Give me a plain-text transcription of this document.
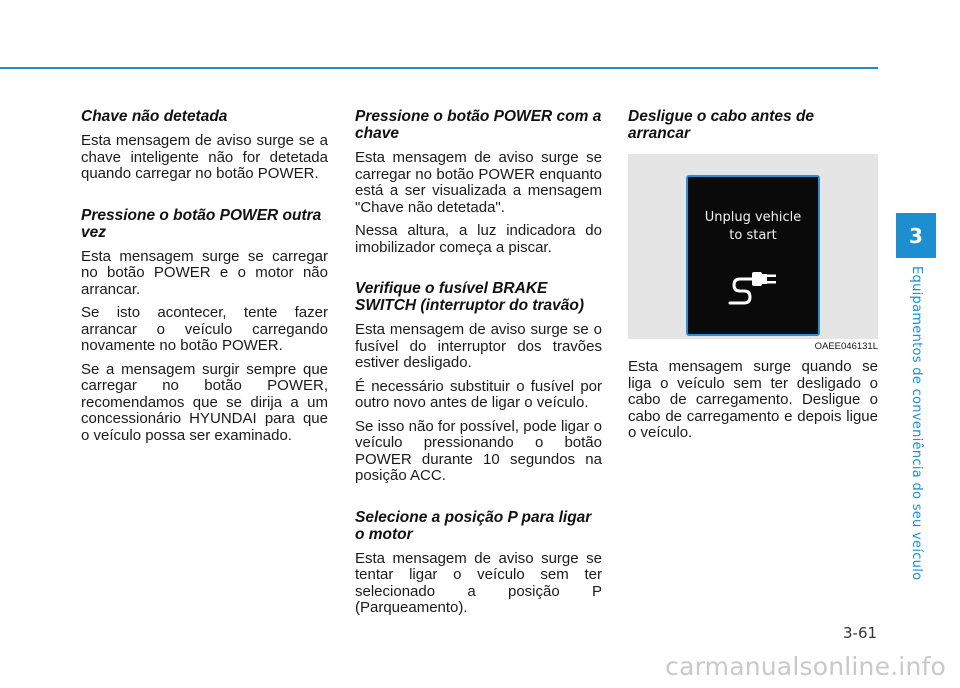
Chave não detetada

Esta mensagem de aviso surge se a chave inteligente não for detetada quando carregar no botão POWER.

Pressione o botão POWER outra vez

Esta mensagem surge se carregar no botão POWER e o motor não arrancar.

Se isto acontecer, tente fazer arrancar o veículo carregando novamente no botão POWER.

Se a mensagem surgir sempre que carregar no botão POWER, recomendamos que se dirija a um concessionário HYUNDAI para que o veículo possa ser examinado.

Pressione o botão POWER com a chave

Esta mensagem de aviso surge se carregar no botão POWER enquanto está a ser visualizada a mensagem "Chave não detetada".

Nessa altura, a luz indicadora do imobilizador começa a piscar.

Verifique o fusível BRAKE SWITCH (interruptor do travão)

Esta mensagem de aviso surge se o fusível do interruptor dos travões estiver desligado.

É necessário substituir o fusível por outro novo antes de ligar o veículo.

Se isso não for possível, pode ligar o veículo pressionando o botão POWER durante 10 segundos na posição ACC.

Selecione a posição P para ligar o motor

Esta mensagem de aviso surge se tentar ligar o veículo sem ter selecionado a posição P (Parqueamento).

Desligue o cabo antes de arrancar
Unplug vehicle
to start
OAEE046131L

Esta mensagem surge quando se liga o veículo sem ter desligado o cabo de carregamento. Desligue o cabo de carregamento e depois ligue o veículo.

3
Equipamentos de conveniência do seu veículo
3-61
carmanualsonline.info
